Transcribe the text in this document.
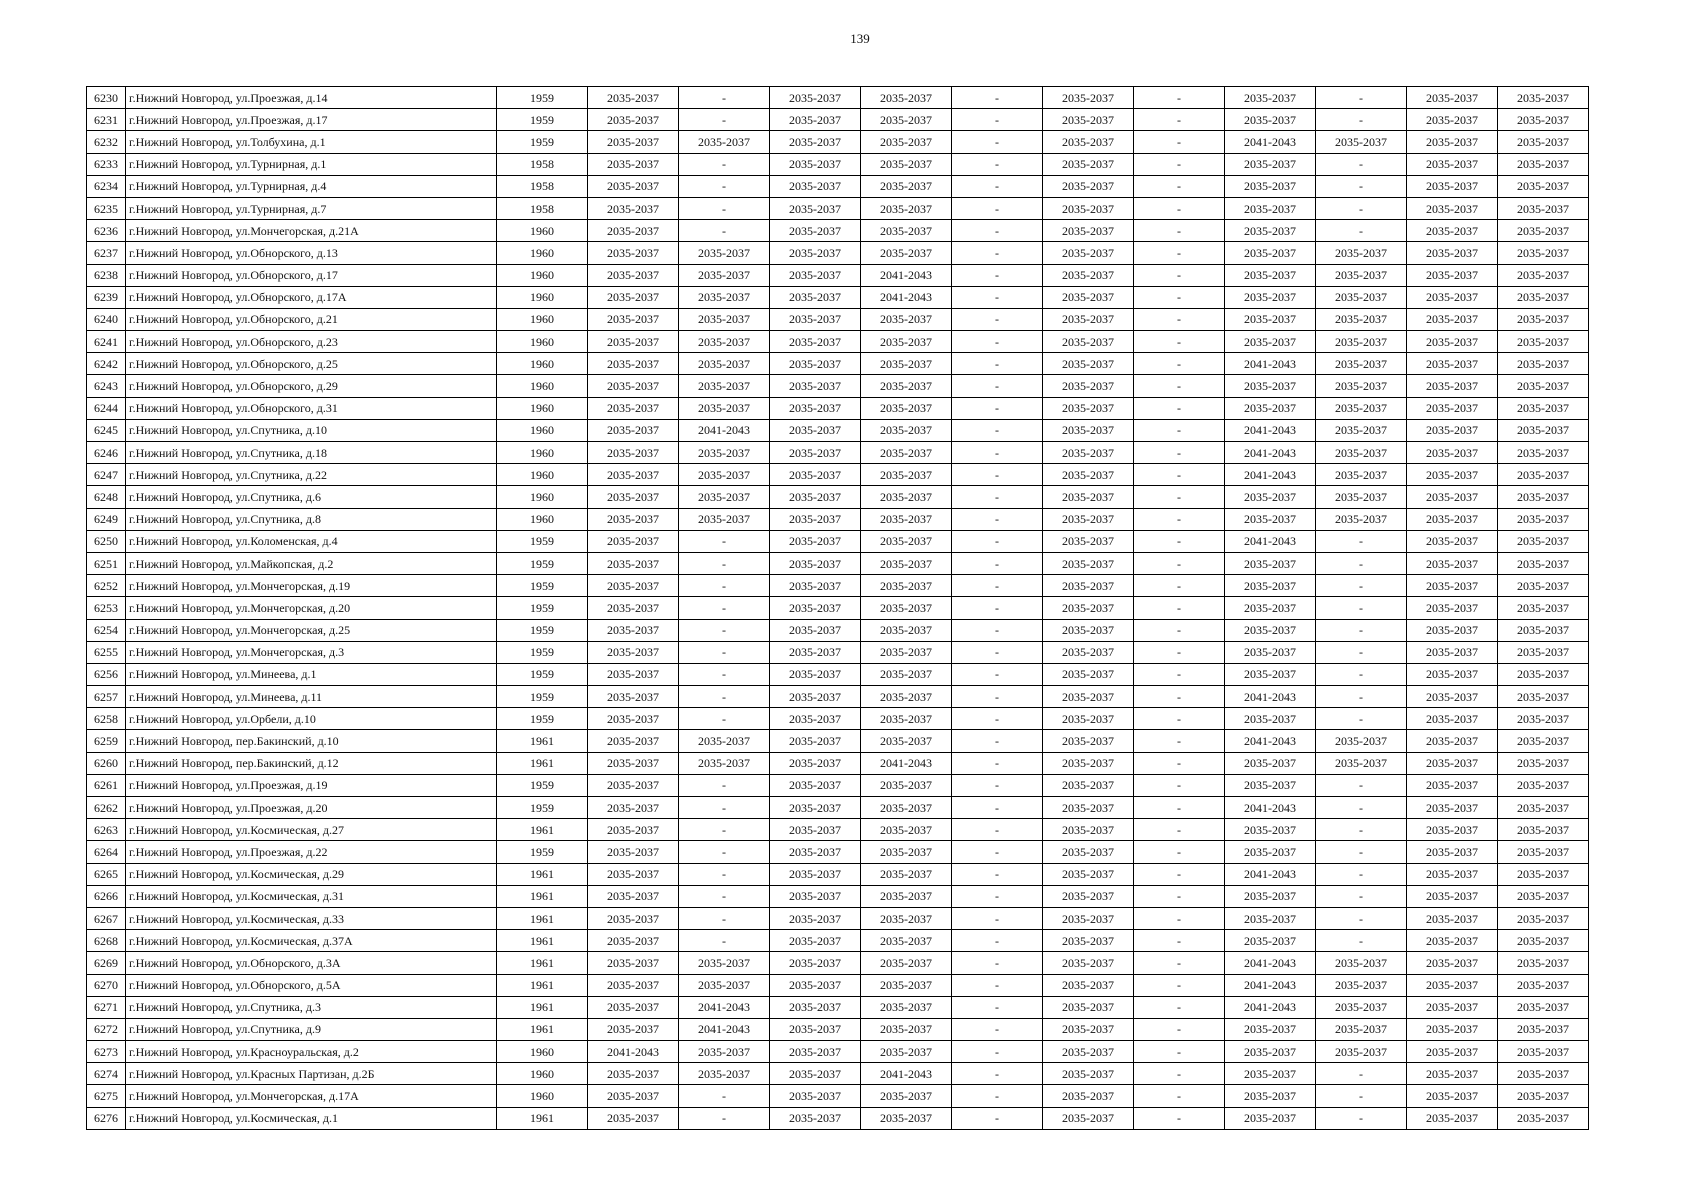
139
6230	г.Нижний Новгород, ул.Проезжая, д.14	1959	2035-2037	-	2035-2037	2035-2037	-	2035-2037	-	2035-2037	-	2035-2037	2035-2037
6231	г.Нижний Новгород, ул.Проезжая, д.17	1959	2035-2037	-	2035-2037	2035-2037	-	2035-2037	-	2035-2037	-	2035-2037	2035-2037
6232	г.Нижний Новгород, ул.Толбухина, д.1	1959	2035-2037	2035-2037	2035-2037	2035-2037	-	2035-2037	-	2041-2043	2035-2037	2035-2037	2035-2037
6233	г.Нижний Новгород, ул.Турнирная, д.1	1958	2035-2037	-	2035-2037	2035-2037	-	2035-2037	-	2035-2037	-	2035-2037	2035-2037
6234	г.Нижний Новгород, ул.Турнирная, д.4	1958	2035-2037	-	2035-2037	2035-2037	-	2035-2037	-	2035-2037	-	2035-2037	2035-2037
6235	г.Нижний Новгород, ул.Турнирная, д.7	1958	2035-2037	-	2035-2037	2035-2037	-	2035-2037	-	2035-2037	-	2035-2037	2035-2037
6236	г.Нижний Новгород, ул.Мончегорская, д.21А	1960	2035-2037	-	2035-2037	2035-2037	-	2035-2037	-	2035-2037	-	2035-2037	2035-2037
6237	г.Нижний Новгород, ул.Обнорского, д.13	1960	2035-2037	2035-2037	2035-2037	2035-2037	-	2035-2037	-	2035-2037	2035-2037	2035-2037	2035-2037
6238	г.Нижний Новгород, ул.Обнорского, д.17	1960	2035-2037	2035-2037	2035-2037	2041-2043	-	2035-2037	-	2035-2037	2035-2037	2035-2037	2035-2037
6239	г.Нижний Новгород, ул.Обнорского, д.17А	1960	2035-2037	2035-2037	2035-2037	2041-2043	-	2035-2037	-	2035-2037	2035-2037	2035-2037	2035-2037
6240	г.Нижний Новгород, ул.Обнорского, д.21	1960	2035-2037	2035-2037	2035-2037	2035-2037	-	2035-2037	-	2035-2037	2035-2037	2035-2037	2035-2037
6241	г.Нижний Новгород, ул.Обнорского, д.23	1960	2035-2037	2035-2037	2035-2037	2035-2037	-	2035-2037	-	2035-2037	2035-2037	2035-2037	2035-2037
6242	г.Нижний Новгород, ул.Обнорского, д.25	1960	2035-2037	2035-2037	2035-2037	2035-2037	-	2035-2037	-	2041-2043	2035-2037	2035-2037	2035-2037
6243	г.Нижний Новгород, ул.Обнорского, д.29	1960	2035-2037	2035-2037	2035-2037	2035-2037	-	2035-2037	-	2035-2037	2035-2037	2035-2037	2035-2037
6244	г.Нижний Новгород, ул.Обнорского, д.31	1960	2035-2037	2035-2037	2035-2037	2035-2037	-	2035-2037	-	2035-2037	2035-2037	2035-2037	2035-2037
6245	г.Нижний Новгород, ул.Спутника, д.10	1960	2035-2037	2041-2043	2035-2037	2035-2037	-	2035-2037	-	2041-2043	2035-2037	2035-2037	2035-2037
6246	г.Нижний Новгород, ул.Спутника, д.18	1960	2035-2037	2035-2037	2035-2037	2035-2037	-	2035-2037	-	2041-2043	2035-2037	2035-2037	2035-2037
6247	г.Нижний Новгород, ул.Спутника, д.22	1960	2035-2037	2035-2037	2035-2037	2035-2037	-	2035-2037	-	2041-2043	2035-2037	2035-2037	2035-2037
6248	г.Нижний Новгород, ул.Спутника, д.6	1960	2035-2037	2035-2037	2035-2037	2035-2037	-	2035-2037	-	2035-2037	2035-2037	2035-2037	2035-2037
6249	г.Нижний Новгород, ул.Спутника, д.8	1960	2035-2037	2035-2037	2035-2037	2035-2037	-	2035-2037	-	2035-2037	2035-2037	2035-2037	2035-2037
6250	г.Нижний Новгород, ул.Коломенская, д.4	1959	2035-2037	-	2035-2037	2035-2037	-	2035-2037	-	2041-2043	-	2035-2037	2035-2037
6251	г.Нижний Новгород, ул.Майкопская, д.2	1959	2035-2037	-	2035-2037	2035-2037	-	2035-2037	-	2035-2037	-	2035-2037	2035-2037
6252	г.Нижний Новгород, ул.Мончегорская, д.19	1959	2035-2037	-	2035-2037	2035-2037	-	2035-2037	-	2035-2037	-	2035-2037	2035-2037
6253	г.Нижний Новгород, ул.Мончегорская, д.20	1959	2035-2037	-	2035-2037	2035-2037	-	2035-2037	-	2035-2037	-	2035-2037	2035-2037
6254	г.Нижний Новгород, ул.Мончегорская, д.25	1959	2035-2037	-	2035-2037	2035-2037	-	2035-2037	-	2035-2037	-	2035-2037	2035-2037
6255	г.Нижний Новгород, ул.Мончегорская, д.3	1959	2035-2037	-	2035-2037	2035-2037	-	2035-2037	-	2035-2037	-	2035-2037	2035-2037
6256	г.Нижний Новгород, ул.Минеева, д.1	1959	2035-2037	-	2035-2037	2035-2037	-	2035-2037	-	2035-2037	-	2035-2037	2035-2037
6257	г.Нижний Новгород, ул.Минеева, д.11	1959	2035-2037	-	2035-2037	2035-2037	-	2035-2037	-	2041-2043	-	2035-2037	2035-2037
6258	г.Нижний Новгород, ул.Орбели, д.10	1959	2035-2037	-	2035-2037	2035-2037	-	2035-2037	-	2035-2037	-	2035-2037	2035-2037
6259	г.Нижний Новгород, пер.Бакинский, д.10	1961	2035-2037	2035-2037	2035-2037	2035-2037	-	2035-2037	-	2041-2043	2035-2037	2035-2037	2035-2037
6260	г.Нижний Новгород, пер.Бакинский, д.12	1961	2035-2037	2035-2037	2035-2037	2041-2043	-	2035-2037	-	2035-2037	2035-2037	2035-2037	2035-2037
6261	г.Нижний Новгород, ул.Проезжая, д.19	1959	2035-2037	-	2035-2037	2035-2037	-	2035-2037	-	2035-2037	-	2035-2037	2035-2037
6262	г.Нижний Новгород, ул.Проезжая, д.20	1959	2035-2037	-	2035-2037	2035-2037	-	2035-2037	-	2041-2043	-	2035-2037	2035-2037
6263	г.Нижний Новгород, ул.Космическая, д.27	1961	2035-2037	-	2035-2037	2035-2037	-	2035-2037	-	2035-2037	-	2035-2037	2035-2037
6264	г.Нижний Новгород, ул.Проезжая, д.22	1959	2035-2037	-	2035-2037	2035-2037	-	2035-2037	-	2035-2037	-	2035-2037	2035-2037
6265	г.Нижний Новгород, ул.Космическая, д.29	1961	2035-2037	-	2035-2037	2035-2037	-	2035-2037	-	2041-2043	-	2035-2037	2035-2037
6266	г.Нижний Новгород, ул.Космическая, д.31	1961	2035-2037	-	2035-2037	2035-2037	-	2035-2037	-	2035-2037	-	2035-2037	2035-2037
6267	г.Нижний Новгород, ул.Космическая, д.33	1961	2035-2037	-	2035-2037	2035-2037	-	2035-2037	-	2035-2037	-	2035-2037	2035-2037
6268	г.Нижний Новгород, ул.Космическая, д.37А	1961	2035-2037	-	2035-2037	2035-2037	-	2035-2037	-	2035-2037	-	2035-2037	2035-2037
6269	г.Нижний Новгород, ул.Обнорского, д.3А	1961	2035-2037	2035-2037	2035-2037	2035-2037	-	2035-2037	-	2041-2043	2035-2037	2035-2037	2035-2037
6270	г.Нижний Новгород, ул.Обнорского, д.5А	1961	2035-2037	2035-2037	2035-2037	2035-2037	-	2035-2037	-	2041-2043	2035-2037	2035-2037	2035-2037
6271	г.Нижний Новгород, ул.Спутника, д.3	1961	2035-2037	2041-2043	2035-2037	2035-2037	-	2035-2037	-	2041-2043	2035-2037	2035-2037	2035-2037
6272	г.Нижний Новгород, ул.Спутника, д.9	1961	2035-2037	2041-2043	2035-2037	2035-2037	-	2035-2037	-	2035-2037	2035-2037	2035-2037	2035-2037
6273	г.Нижний Новгород, ул.Красноуральская, д.2	1960	2041-2043	2035-2037	2035-2037	2035-2037	-	2035-2037	-	2035-2037	2035-2037	2035-2037	2035-2037
6274	г.Нижний Новгород, ул.Красных Партизан, д.2Б	1960	2035-2037	2035-2037	2035-2037	2041-2043	-	2035-2037	-	2035-2037	-	2035-2037	2035-2037
6275	г.Нижний Новгород, ул.Мончегорская, д.17А	1960	2035-2037	-	2035-2037	2035-2037	-	2035-2037	-	2035-2037	-	2035-2037	2035-2037
6276	г.Нижний Новгород, ул.Космическая, д.1	1961	2035-2037	-	2035-2037	2035-2037	-	2035-2037	-	2035-2037	-	2035-2037	2035-2037
